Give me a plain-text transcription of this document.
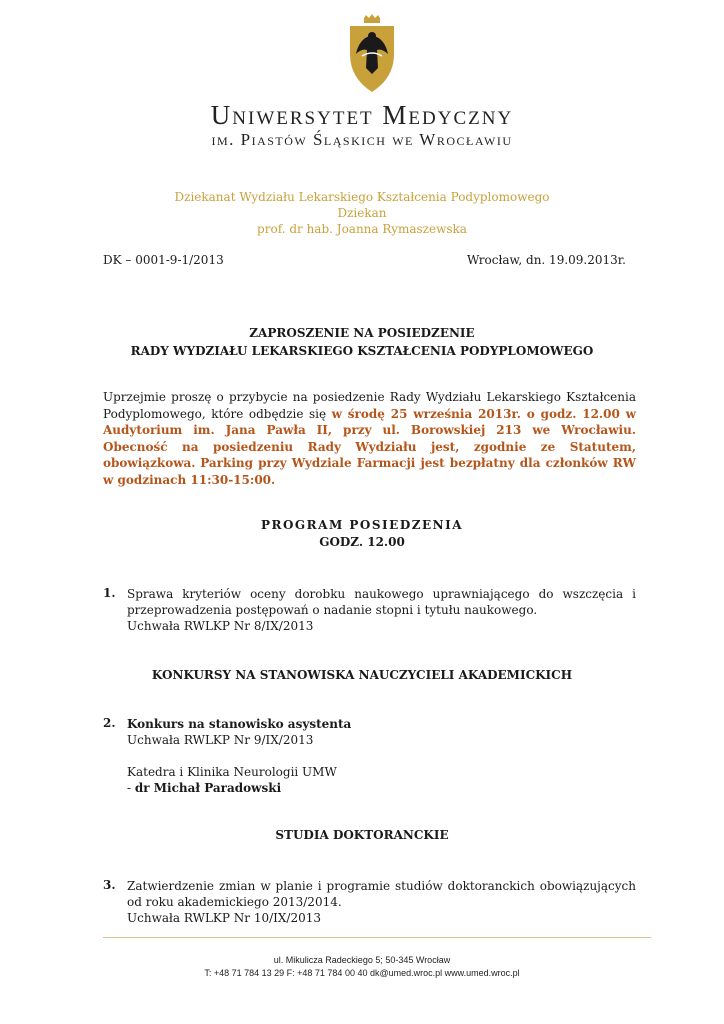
Uniwersytet Medyczny
im. Piastów Śląskich we Wrocławiu
Dziekanat Wydziału Lekarskiego Kształcenia Podyplomowego
Dziekan
prof. dr hab. Joanna Rymaszewska
DK – 0001-9-1/2013	Wrocław, dn. 19.09.2013r.
ZAPROSZENIE NA POSIEDZENIE
RADY WYDZIAŁU LEKARSKIEGO KSZTAŁCENIA PODYPLOMOWEGO
Uprzejmie proszę o przybycie na posiedzenie Rady Wydziału Lekarskiego Kształcenia Podyplomowego, które odbędzie się w środę 25 września 2013r. o godz. 12.00 w Audytorium im. Jana Pawła II, przy ul. Borowskiej 213 we Wrocławiu. Obecność na posiedzeniu Rady Wydziału jest, zgodnie ze Statutem, obowiązkowa. Parking przy Wydziale Farmacji jest bezpłatny dla członków RW w godzinach 11:30-15:00.
PROGRAM POSIEDZENIA
GODZ. 12.00
1. Sprawa kryteriów oceny dorobku naukowego uprawniającego do wszczęcia i przeprowadzenia postępowań o nadanie stopni i tytułu naukowego.
Uchwała RWLKP Nr 8/IX/2013
KONKURSY NA STANOWISKA NAUCZYCIELI AKADEMICKICH
2. Konkurs na stanowisko asystenta
Uchwała RWLKP Nr 9/IX/2013
Katedra i Klinika Neurologii UMW
- dr Michał Paradowski
STUDIA DOKTORANCKIE
3. Zatwierdzenie zmian w planie i programie studiów doktoranckich obowiązujących od roku akademickiego 2013/2014.
Uchwała RWLKP Nr 10/IX/2013
ul. Mikulicza Radeckiego 5; 50-345 Wrocław
T: +48 71 784 13 29 F: +48 71 784 00 40 dk@umed.wroc.pl www.umed.wroc.pl
